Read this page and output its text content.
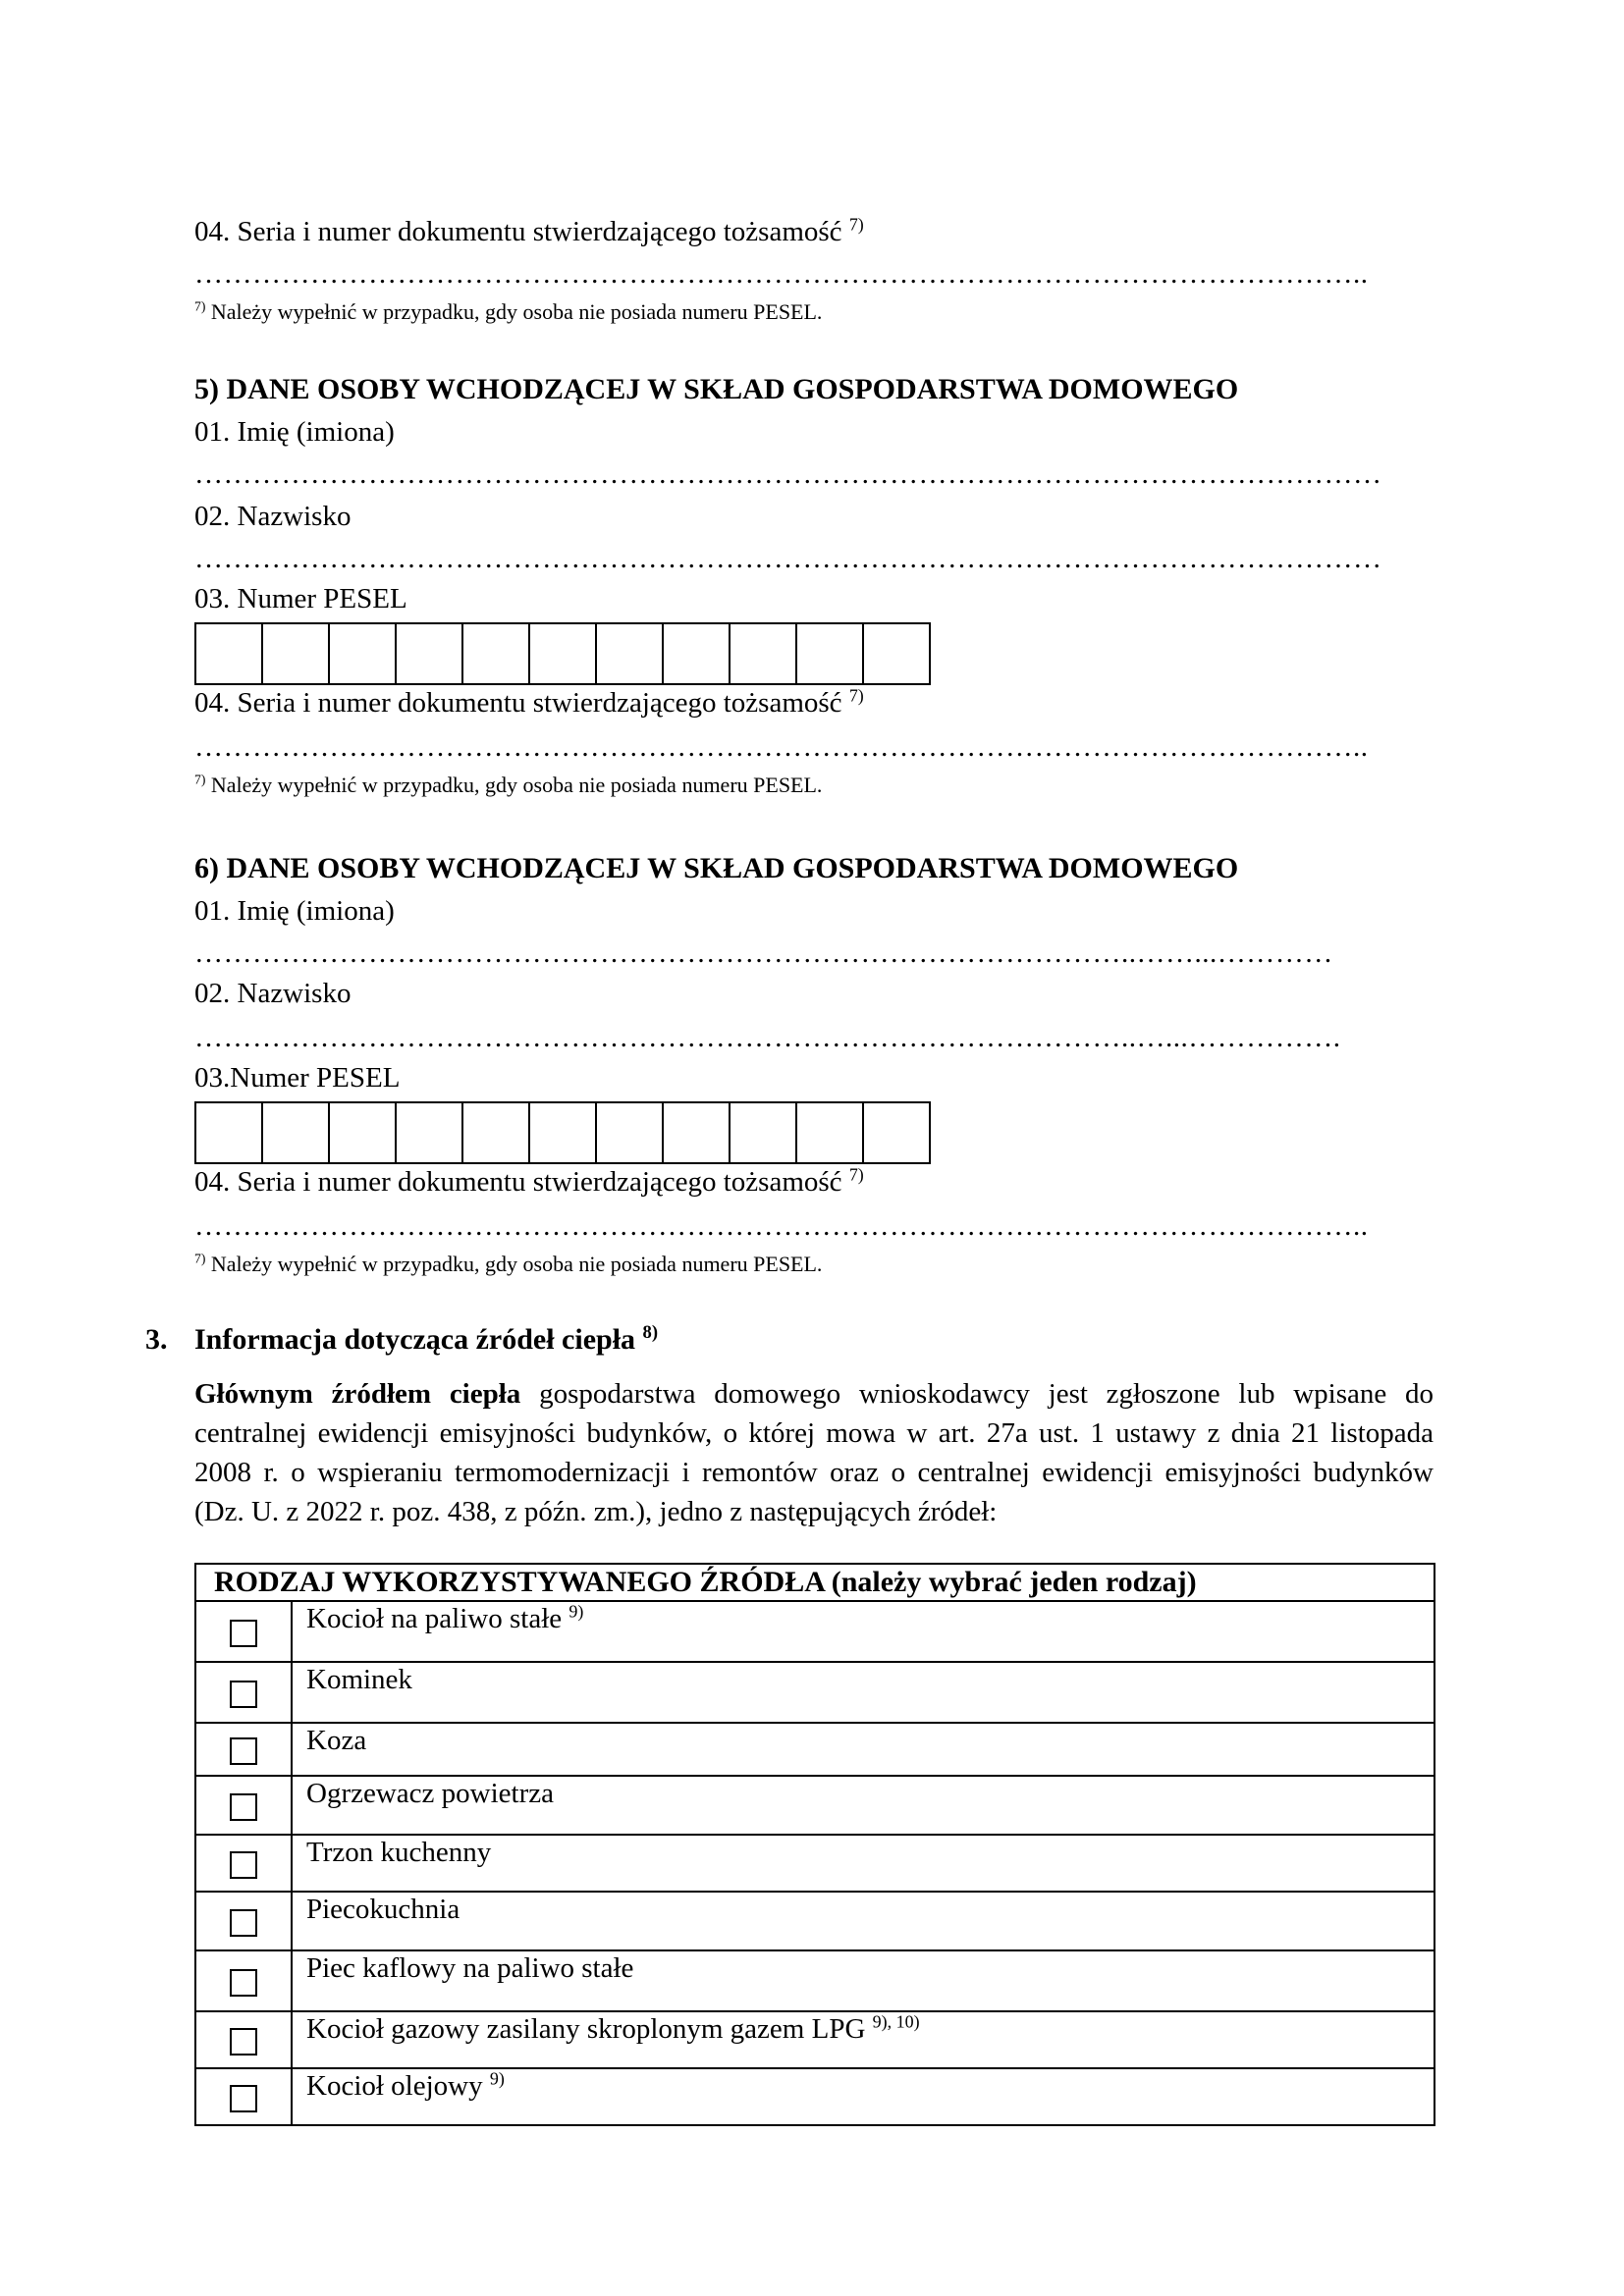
04. Seria i numer dokumentu stwierdzającego tożsamość $^{7)}$
…………………………………………………………………………………………………………..
$^{7)}$ Należy wypełnić w przypadku, gdy osoba nie posiada numeru PESEL.
5) DANE OSOBY WCHODZĄCEJ W SKŁAD GOSPODARSTWA DOMOWEGO
01. Imię (imiona)
……………………………………………………………………………………………………………
02. Nazwisko
……………………………………………………………………………………………………………
03. Numer PESEL
04. Seria i numer dokumentu stwierdzającego tożsamość $^{7)}$
…………………………………………………………………………………………………………..
$^{7)}$ Należy wypełnić w przypadku, gdy osoba nie posiada numeru PESEL.
6) DANE OSOBY WCHODZĄCEJ W SKŁAD GOSPODARSTWA DOMOWEGO
01. Imię (imiona)
……………………………………………………………………………………..……...…………
02. Nazwisko
……………………………………………………………………………………..…...…………….
03.Numer PESEL
04. Seria i numer dokumentu stwierdzającego tożsamość $^{7)}$
…………………………………………………………………………………………………………..
$^{7)}$ Należy wypełnić w przypadku, gdy osoba nie posiada numeru PESEL.
3. Informacja dotycząca źródeł ciepła $^{8)}$
Głównym źródłem ciepła gospodarstwa domowego wnioskodawcy jest zgłoszone lub wpisane do
centralnej ewidencji emisyjności budynków, o której mowa w art. 27a ust. 1 ustawy z dnia 21 listopada
2008 r. o wspieraniu termomodernizacji i remontów oraz o centralnej ewidencji emisyjności budynków
(Dz. U. z 2022 r. poz. 438, z późn. zm.), jedno z następujących źródeł:
RODZAJ WYKORZYSTYWANEGO ŹRÓDŁA (należy wybrać jeden rodzaj)	
	Kocioł na paliwo stałe $^{9)}$
	Kominek
	Koza
	Ogrzewacz powietrza
	Trzon kuchenny
	Piecokuchnia
	Piec kaflowy na paliwo stałe
	Kocioł gazowy zasilany skroplonym gazem LPG $^{9), 10)}$
	Kocioł olejowy $^{9)}$
